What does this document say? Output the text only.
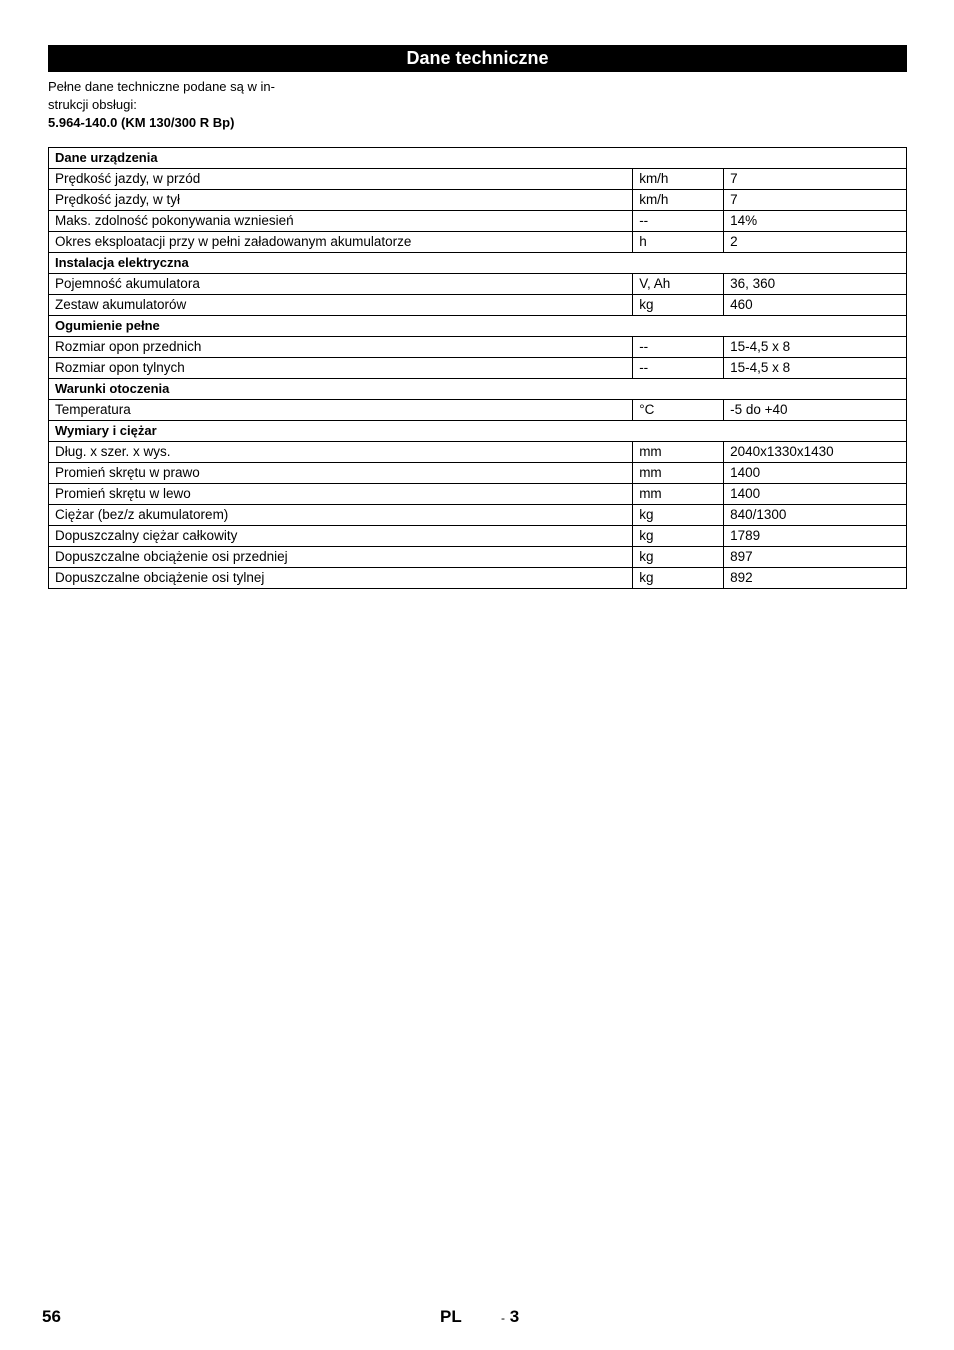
Dane techniczne
Pełne dane techniczne podane są w in-
strukcji obsługi:
5.964-140.0 (KM 130/300 R Bp)
Dane urządzenia		
Prędkość jazdy, w przód	km/h	7
Prędkość jazdy, w tył	km/h	7
Maks. zdolność pokonywania wzniesień	--	14%
Okres eksploatacji przy w pełni załadowanym akumulatorze	h	2
Instalacja elektryczna		
Pojemność akumulatora	V, Ah	36, 360
Zestaw akumulatorów	kg	460
Ogumienie pełne		
Rozmiar opon przednich	--	15-4,5 x 8
Rozmiar opon tylnych	--	15-4,5 x 8
Warunki otoczenia		
Temperatura	°C	-5 do +40
Wymiary i ciężar		
Dług. x szer. x wys.	mm	2040x1330x1430
Promień skrętu w prawo	mm	1400
Promień skrętu w lewo	mm	1400
Ciężar (bez/z akumulatorem)	kg	840/1300
Dopuszczalny ciężar całkowity	kg	1789
Dopuszczalne obciążenie osi przedniej	kg	897
Dopuszczalne obciążenie osi tylnej	kg	892
56	PL	- 3
